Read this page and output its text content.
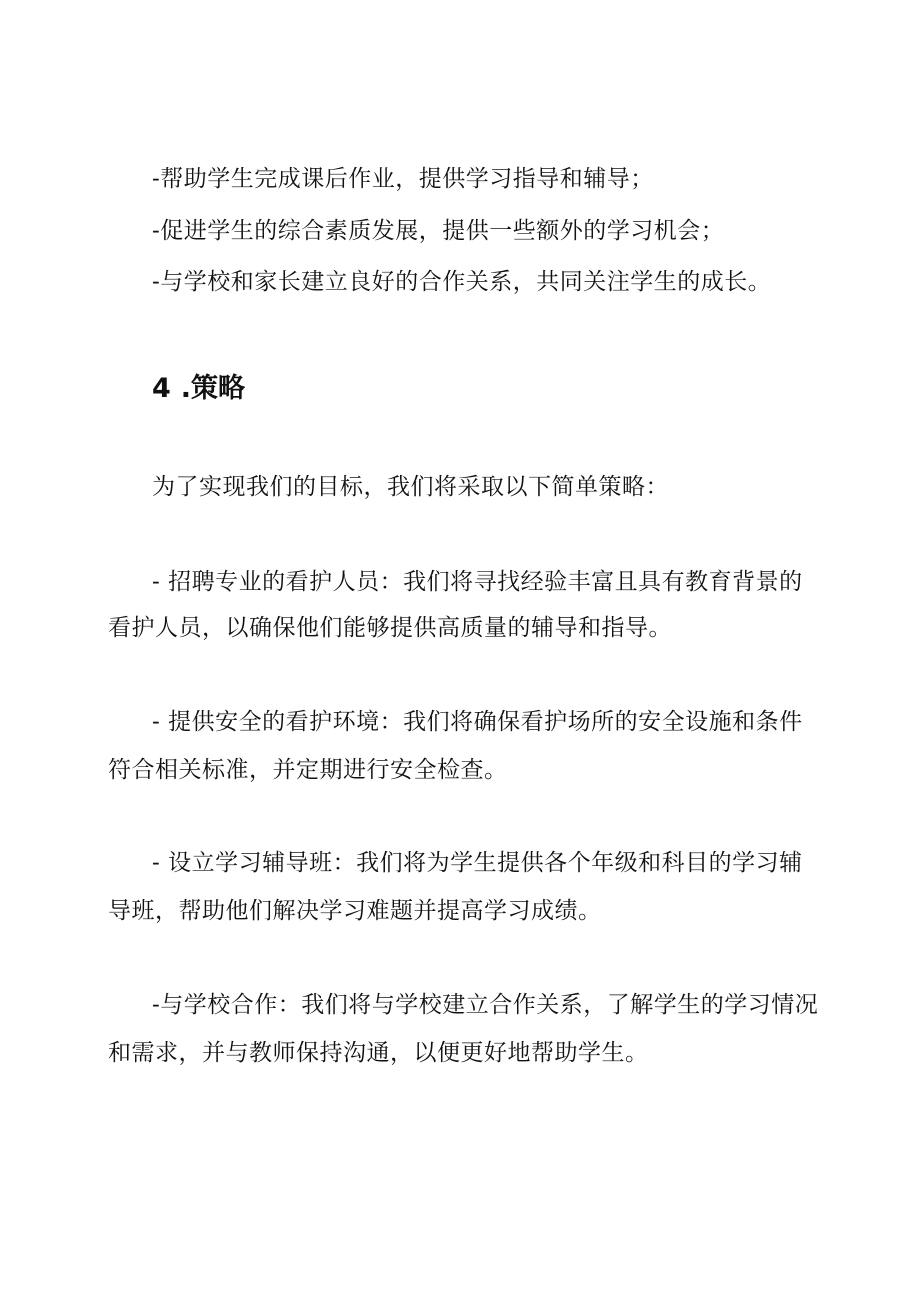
-帮助学生完成课后作业，提供学习指导和辅导；
-促进学生的综合素质发展，提供一些额外的学习机会；
-与学校和家长建立良好的合作关系，共同关注学生的成长。
4 .策略
为了实现我们的目标，我们将采取以下简单策略：
- 招聘专业的看护人员：我们将寻找经验丰富且具有教育背景的
看护人员，以确保他们能够提供高质量的辅导和指导。
- 提供安全的看护环境：我们将确保看护场所的安全设施和条件
符合相关标准，并定期进行安全检查。
- 设立学习辅导班：我们将为学生提供各个年级和科目的学习辅
导班，帮助他们解决学习难题并提高学习成绩。
-与学校合作：我们将与学校建立合作关系，了解学生的学习情况
和需求，并与教师保持沟通，以便更好地帮助学生。
